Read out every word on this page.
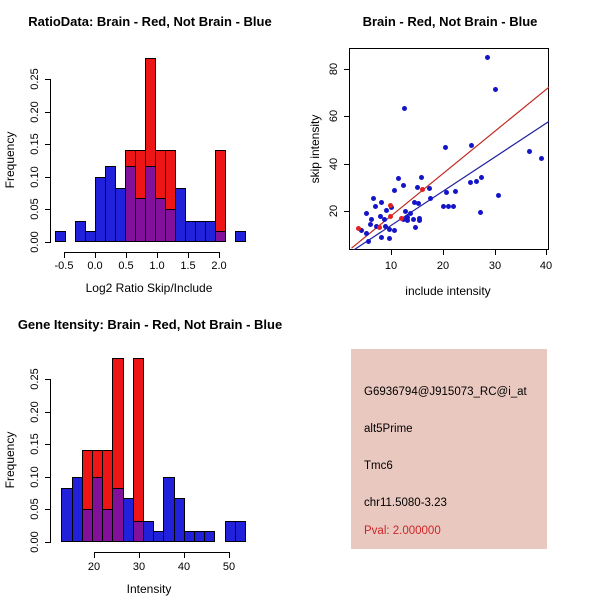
RatioData: Brain - Red, Not Brain - Blue	Brain - Red, Not Brain - Blue
Gene Itensity: Brain - Red, Not Brain - Blue
Log2 Ratio Skip/Include
Frequency
include intensity
skip intensity
Intensity
Frequency
G6936794@J915073_RC@i_at
alt5Prime
Tmc6
chr11.5080-3.23
Pval: 2.000000
-0.5	0.0	0.5	1.0	1.5	2.0
0.00
0.05
0.10
0.15
0.20
0.25
10	20	30	40
20
40
60
80
20	30	40	50
0.00
0.05
0.10
0.15
0.20
0.25
